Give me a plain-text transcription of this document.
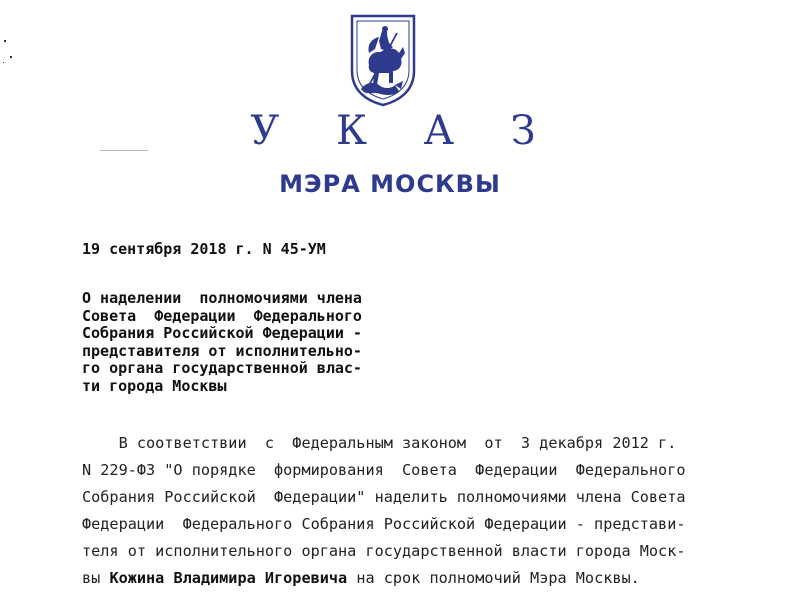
У К А З
МЭРА МОСКВЫ
19 сентября 2018 г. N 45-УМ
О наделении  полномочиями члена
Совета  Федерации  Федерального
Собрания Российской Федерации -
представителя от исполнительно-
го органа государственной влас-
ти города Москвы
В соответствии  с  Федеральным законом  от  3 декабря 2012 г.
N 229-ФЗ "О порядке  формирования  Совета  Федерации  Федерального
Собрания Российской  Федерации" наделить полномочиями члена Совета
Федерации  Федерального Собрания Российской Федерации - представи-
теля от исполнительного органа государственной власти города Моск-
вы Кожина Владимира Игоревича на срок полномочий Мэра Москвы.
